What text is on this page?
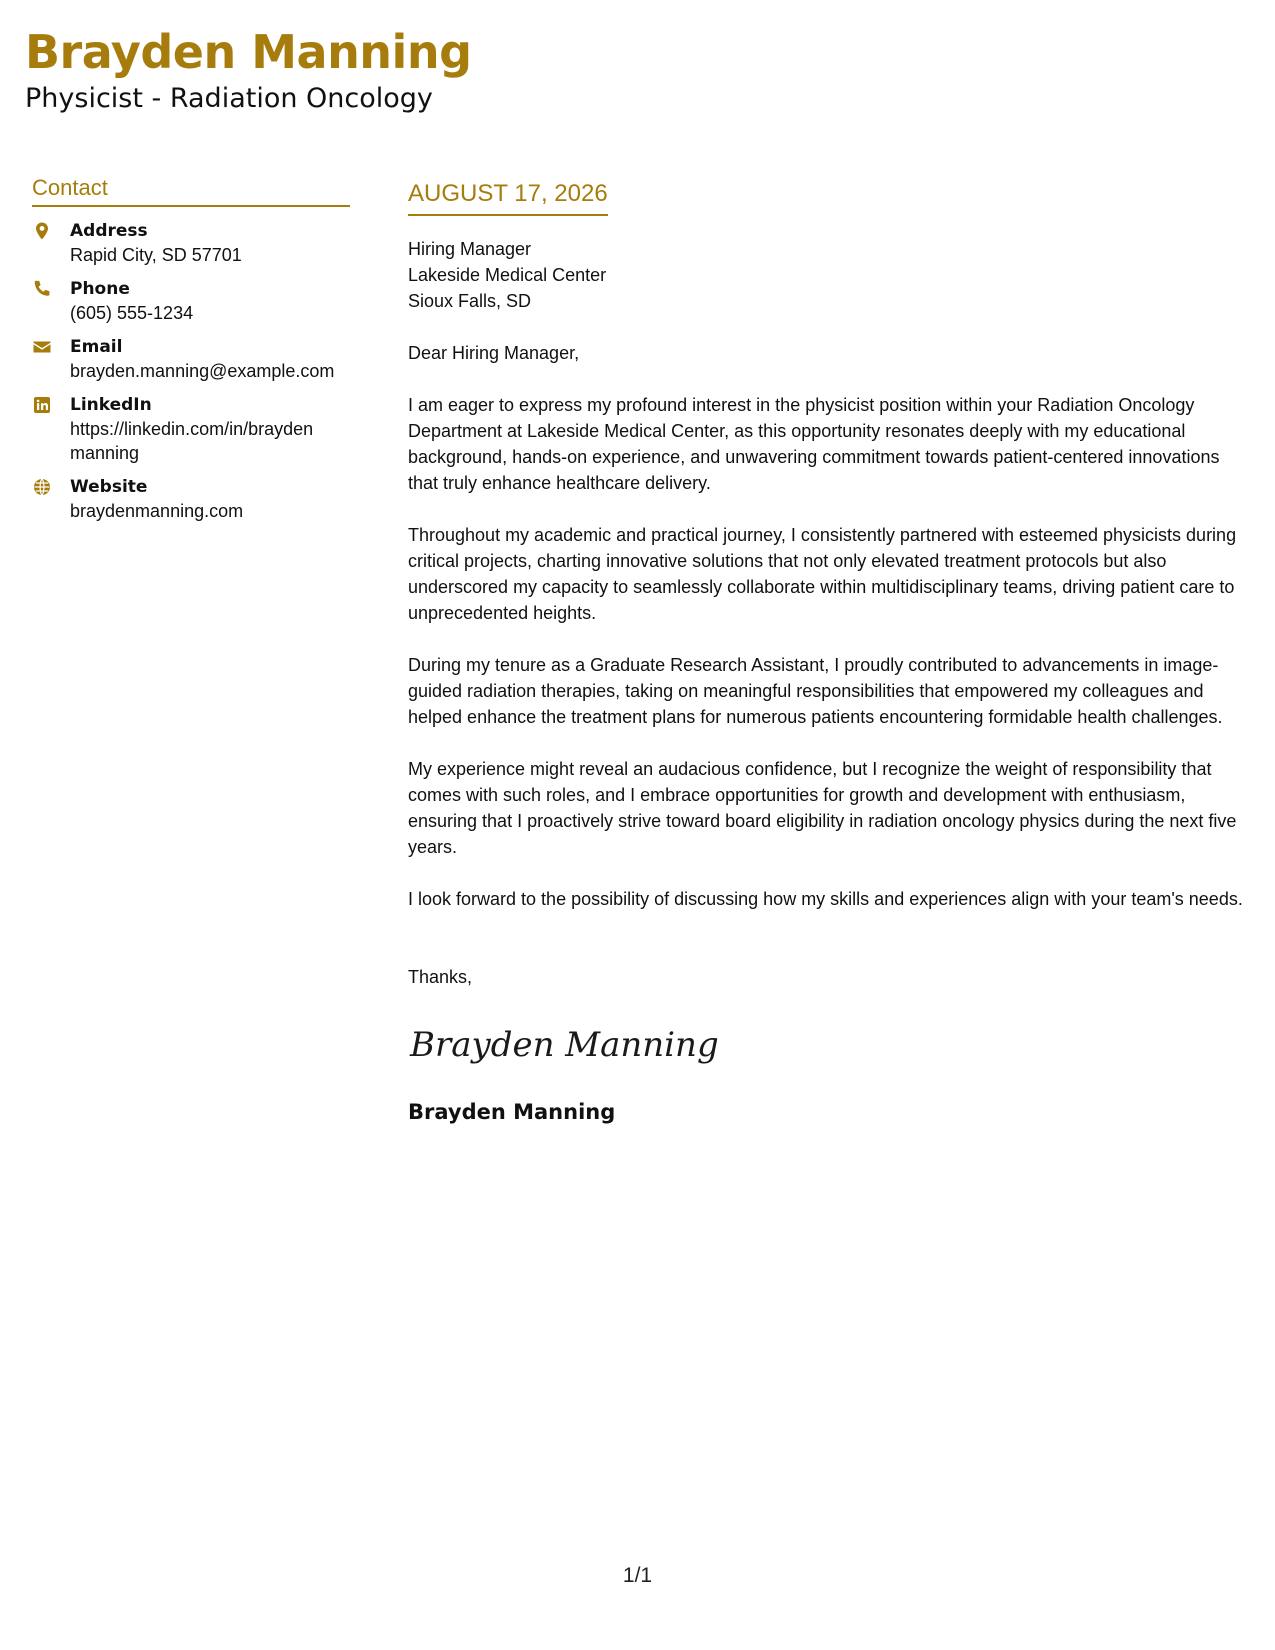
Brayden Manning
Physicist - Radiation Oncology
Contact
Address
Rapid City, SD 57701
Phone
(605) 555-1234
Email
brayden.manning@example.com
LinkedIn
https://linkedin.com/in/brayden manning
Website
braydenmanning.com
AUGUST 17, 2026
Hiring Manager
Lakeside Medical Center
Sioux Falls, SD
Dear Hiring Manager,

I am eager to express my profound interest in the physicist position within your Radiation Oncology Department at Lakeside Medical Center, as this opportunity resonates deeply with my educational background, hands-on experience, and unwavering commitment towards patient-centered innovations that truly enhance healthcare delivery.

Throughout my academic and practical journey, I consistently partnered with esteemed physicists during critical projects, charting innovative solutions that not only elevated treatment protocols but also underscored my capacity to seamlessly collaborate within multidisciplinary teams, driving patient care to unprecedented heights.

During my tenure as a Graduate Research Assistant, I proudly contributed to advancements in image-guided radiation therapies, taking on meaningful responsibilities that empowered my colleagues and helped enhance the treatment plans for numerous patients encountering formidable health challenges.

My experience might reveal an audacious confidence, but I recognize the weight of responsibility that comes with such roles, and I embrace opportunities for growth and development with enthusiasm, ensuring that I proactively strive toward board eligibility in radiation oncology physics during the next five years.

I look forward to the possibility of discussing how my skills and experiences align with your team's needs.

Thanks,
Brayden Manning
Brayden Manning
1/1
